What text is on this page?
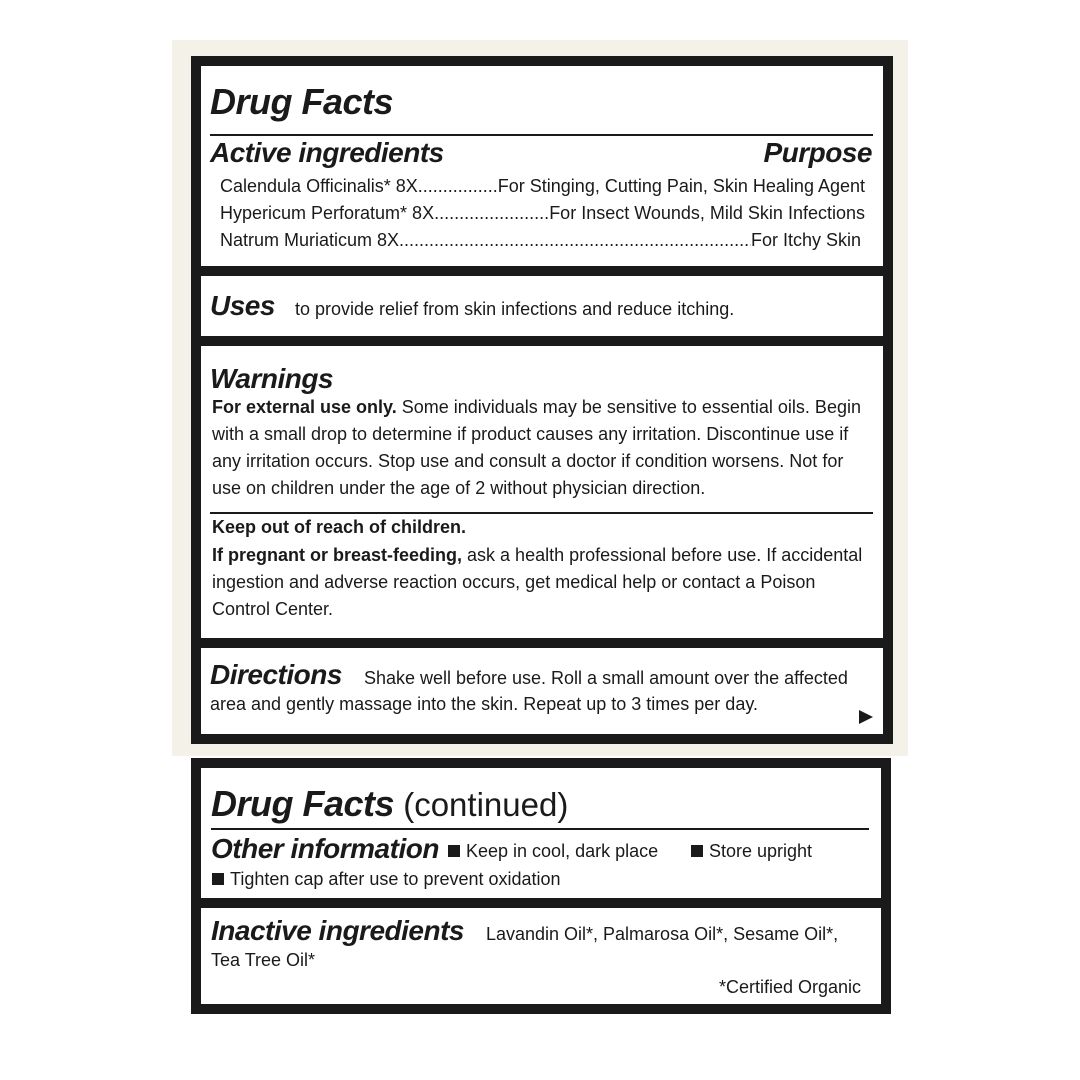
Drug Facts
Active ingredients	Purpose
Calendula Officinalis* 8X .....	For Stinging, Cutting Pain, Skin Healing Agent
Hypericum Perforatum* 8X .....	For Insect Wounds, Mild Skin Infections
Natrum Muriaticum 8X .....	For Itchy Skin
Uses to provide relief from skin infections and reduce itching.
Warnings
For external use only. Some individuals may be sensitive to essential oils. Begin with a small drop to determine if product causes any irritation. Discontinue use if any irritation occurs. Stop use and consult a doctor if condition worsens. Not for use on children under the age of 2 without physician direction.
Keep out of reach of children.
If pregnant or breast-feeding, ask a health professional before use. If accidental ingestion and adverse reaction occurs, get medical help or contact a Poison Control Center.
Directions Shake well before use. Roll a small amount over the affected area and gently massage into the skin. Repeat up to 3 times per day.
Drug Facts (continued)
Other information	Keep in cool, dark place	Store upright
Tighten cap after use to prevent oxidation
Inactive ingredients Lavandin Oil*, Palmarosa Oil*, Sesame Oil*, Tea Tree Oil*
*Certified Organic
